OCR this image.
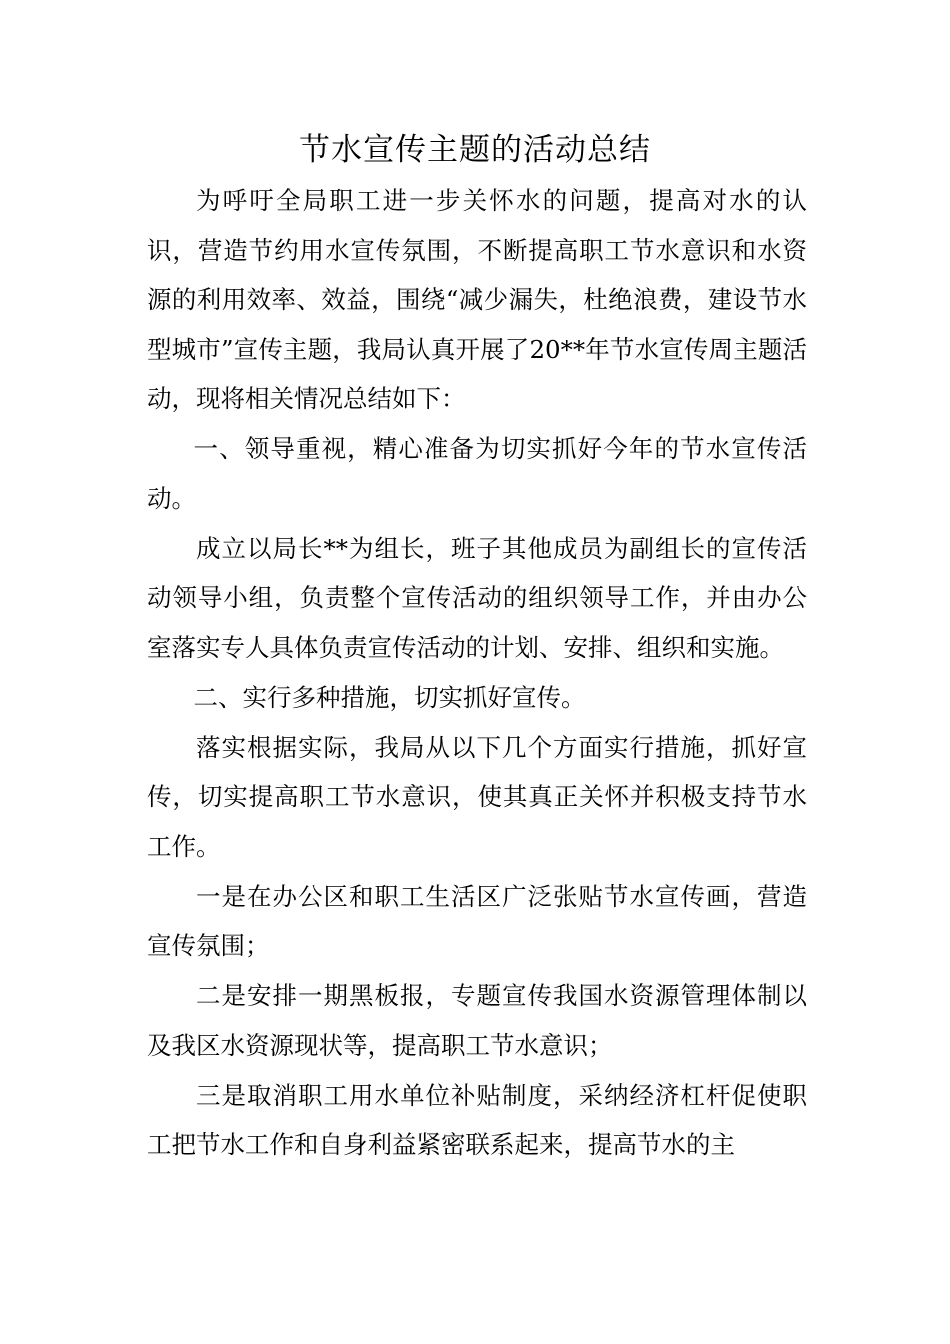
节水宣传主题的活动总结

为呼吁全局职工进一步关怀水的问题，提高对水的认识，营造节约用水宣传氛围，不断提高职工节水意识和水资源的利用效率、效益，围绕“减少漏失，杜绝浪费，建设节水型城市”宣传主题，我局认真开展了20**年节水宣传周主题活动，现将相关情况总结如下：

一、领导重视，精心准备为切实抓好今年的节水宣传活动。

成立以局长**为组长，班子其他成员为副组长的宣传活动领导小组，负责整个宣传活动的组织领导工作，并由办公室落实专人具体负责宣传活动的计划、安排、组织和实施。

二、实行多种措施，切实抓好宣传。

落实根据实际，我局从以下几个方面实行措施，抓好宣传，切实提高职工节水意识，使其真正关怀并积极支持节水工作。

一是在办公区和职工生活区广泛张贴节水宣传画，营造宣传氛围；

二是安排一期黑板报，专题宣传我国水资源管理体制以及我区水资源现状等，提高职工节水意识；

三是取消职工用水单位补贴制度，采纳经济杠杆促使职工把节水工作和自身利益紧密联系起来，提高节水的主
